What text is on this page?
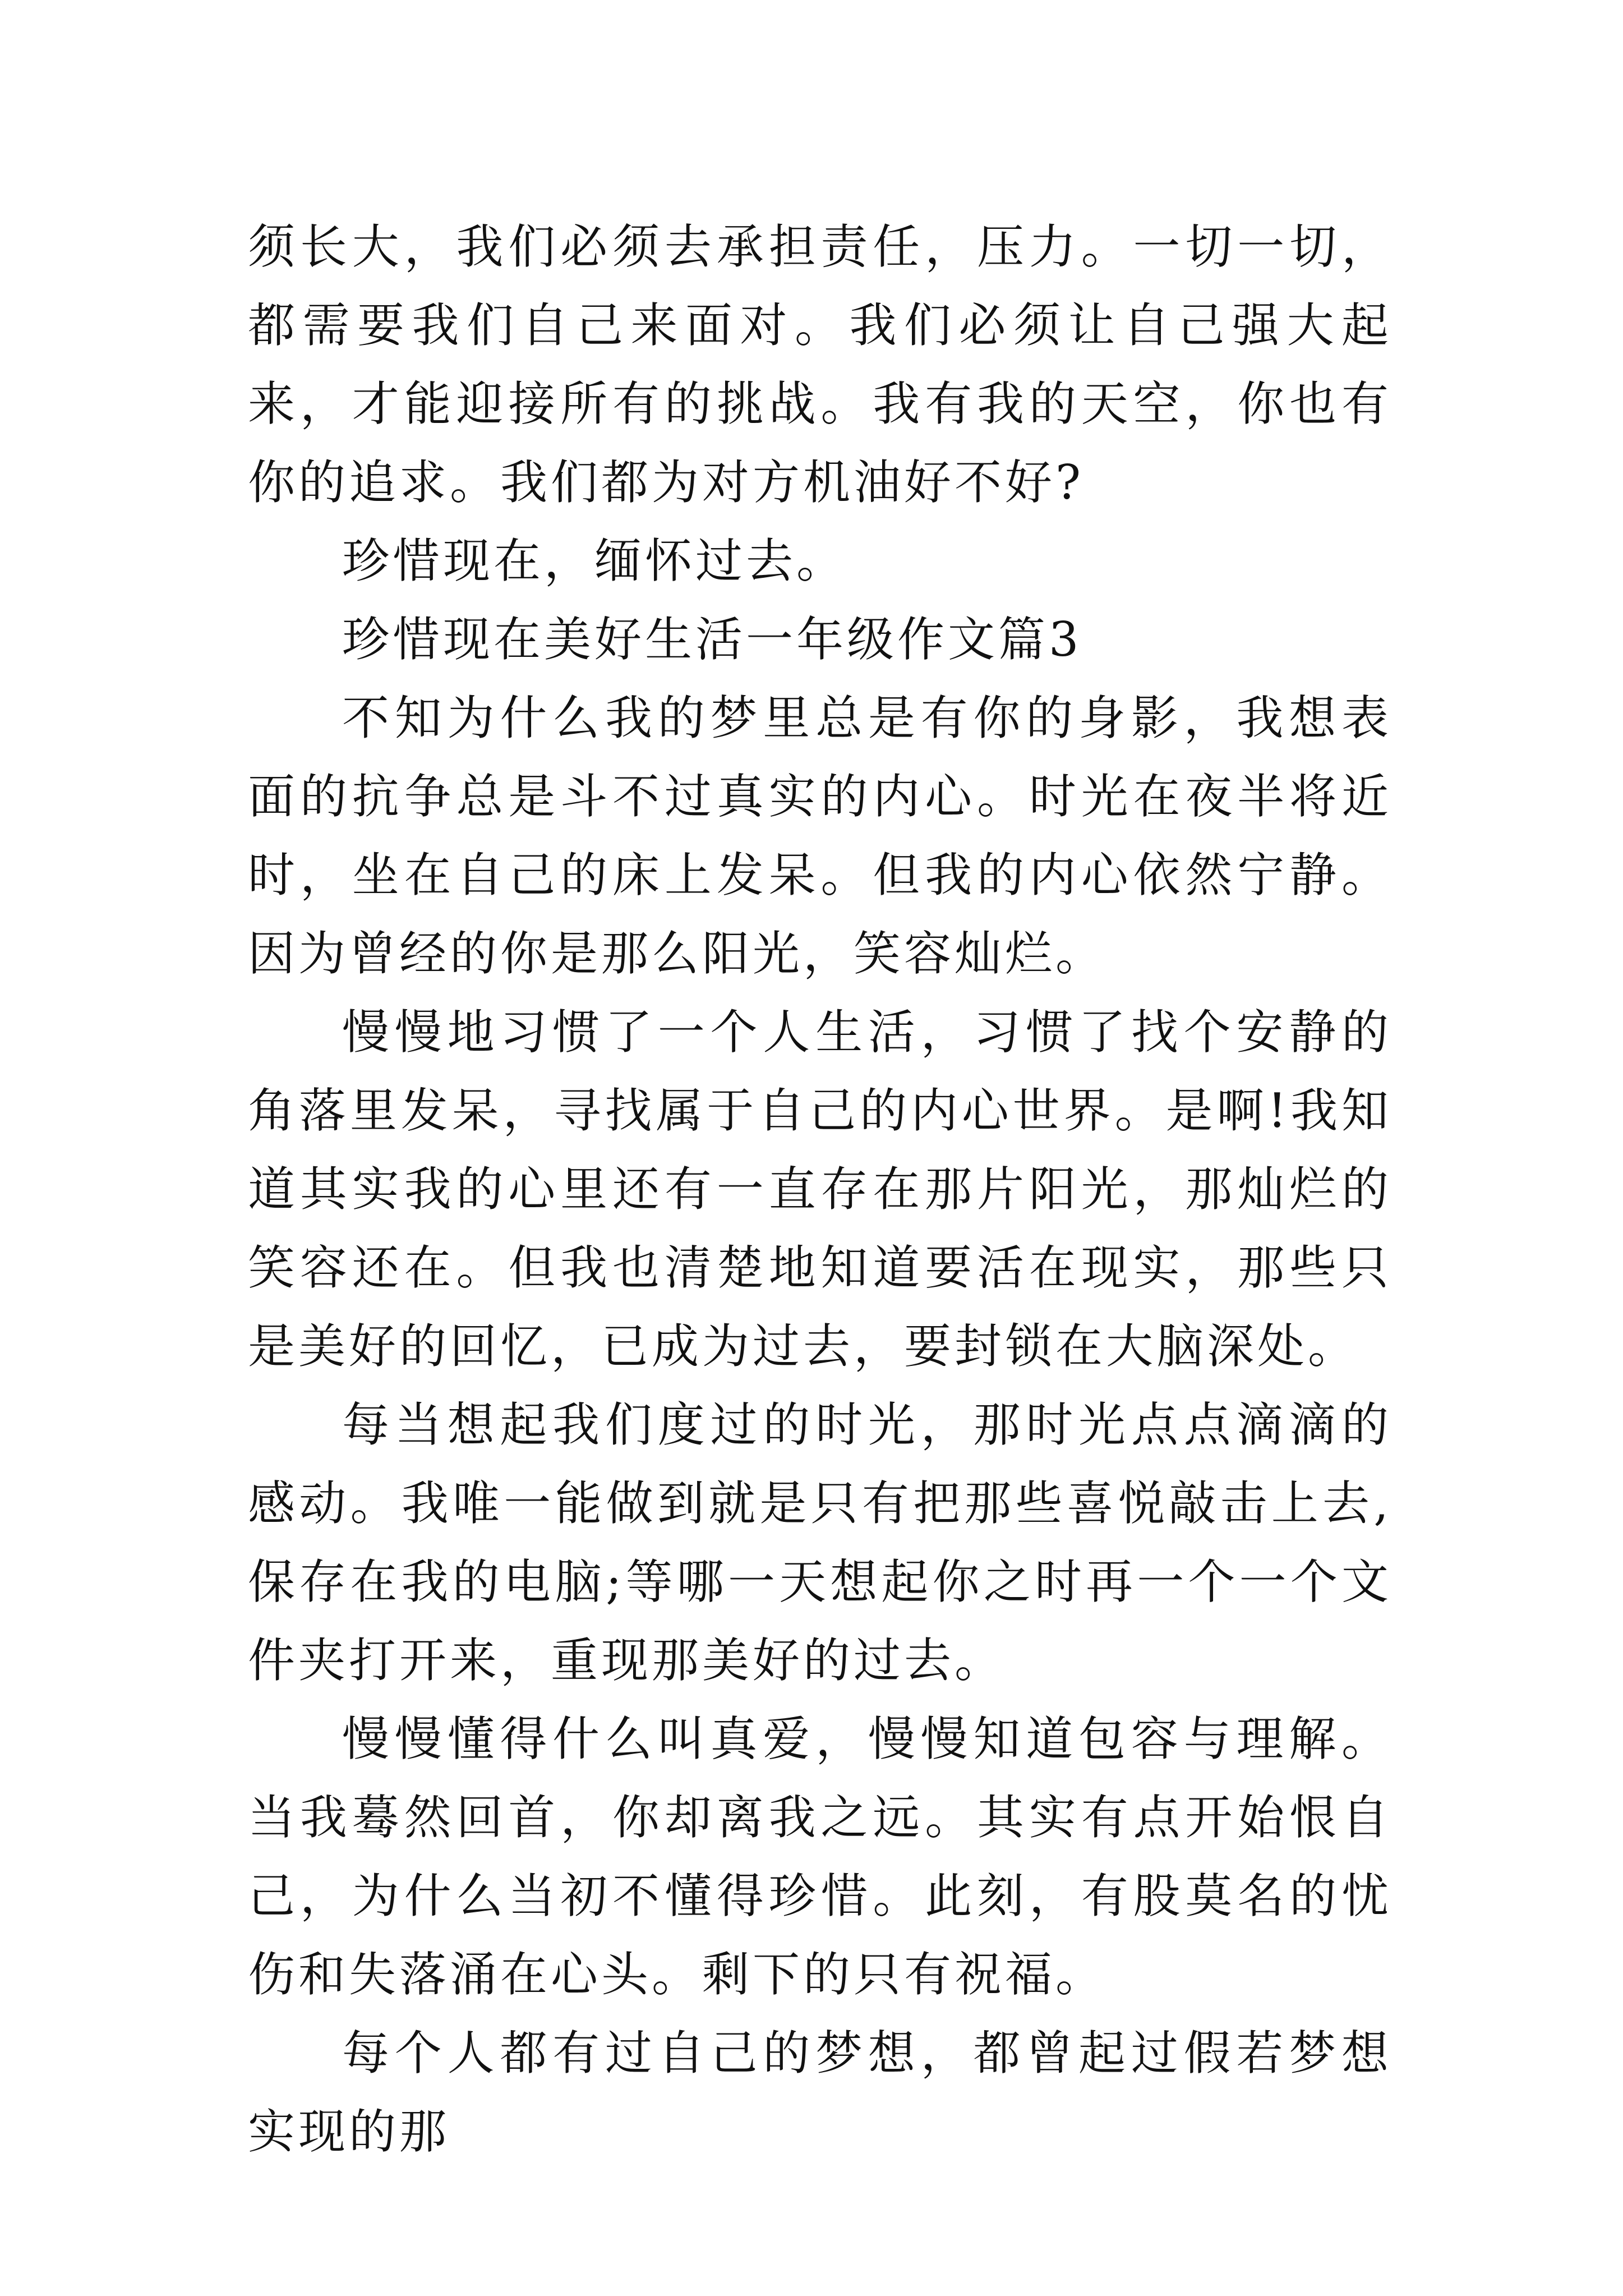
须长大，我们必须去承担责任，压力。一切一切，都需要我们自己来面对。我们必须让自己强大起来，才能迎接所有的挑战。我有我的天空，你也有你的追求。我们都为对方机油好不好?

珍惜现在，缅怀过去。

珍惜现在美好生活一年级作文篇3

不知为什么我的梦里总是有你的身影，我想表面的抗争总是斗不过真实的内心。时光在夜半将近时，坐在自己的床上发呆。但我的内心依然宁静。因为曾经的你是那么阳光，笑容灿烂。

慢慢地习惯了一个人生活，习惯了找个安静的角落里发呆，寻找属于自己的内心世界。是啊!我知道其实我的心里还有一直存在那片阳光，那灿烂的笑容还在。但我也清楚地知道要活在现实，那些只是美好的回忆，已成为过去，要封锁在大脑深处。

每当想起我们度过的时光，那时光点点滴滴的感动。我唯一能做到就是只有把那些喜悦敲击上去,保存在我的电脑;等哪一天想起你之时再一个一个文件夹打开来，重现那美好的过去。

慢慢懂得什么叫真爱，慢慢知道包容与理解。当我蓦然回首，你却离我之远。其实有点开始恨自己，为什么当初不懂得珍惜。此刻，有股莫名的忧伤和失落涌在心头。剩下的只有祝福。

每个人都有过自己的梦想，都曾起过假若梦想实现的那
